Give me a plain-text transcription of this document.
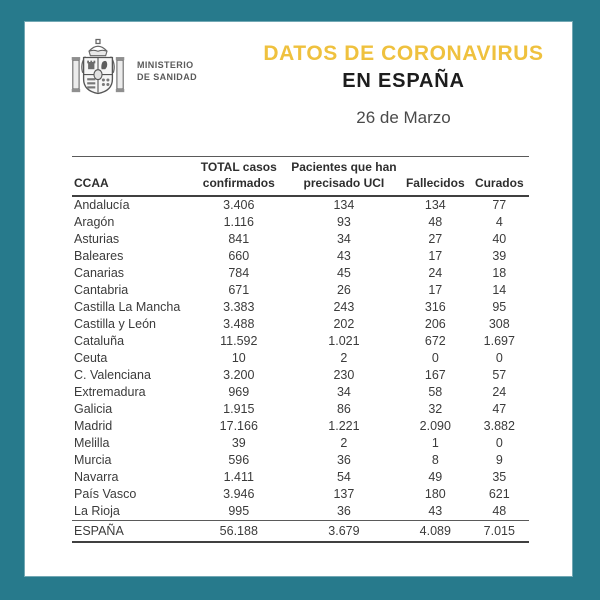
MINISTERIO
DE SANIDAD
DATOS DE CORONAVIRUS
EN ESPAÑA
26 de Marzo
CCAA	TOTAL casos confirmados	Pacientes que han precisado UCI	Fallecidos	Curados
Andalucía	3.406	134	134	77
Aragón	1.116	93	48	4
Asturias	841	34	27	40
Baleares	660	43	17	39
Canarias	784	45	24	18
Cantabria	671	26	17	14
Castilla La Mancha	3.383	243	316	95
Castilla y León	3.488	202	206	308
Cataluña	11.592	1.021	672	1.697
Ceuta	10	2	0	0
C. Valenciana	3.200	230	167	57
Extremadura	969	34	58	24
Galicia	1.915	86	32	47
Madrid	17.166	1.221	2.090	3.882
Melilla	39	2	1	0
Murcia	596	36	8	9
Navarra	1.411	54	49	35
País Vasco	3.946	137	180	621
La Rioja	995	36	43	48
ESPAÑA	56.188	3.679	4.089	7.015
